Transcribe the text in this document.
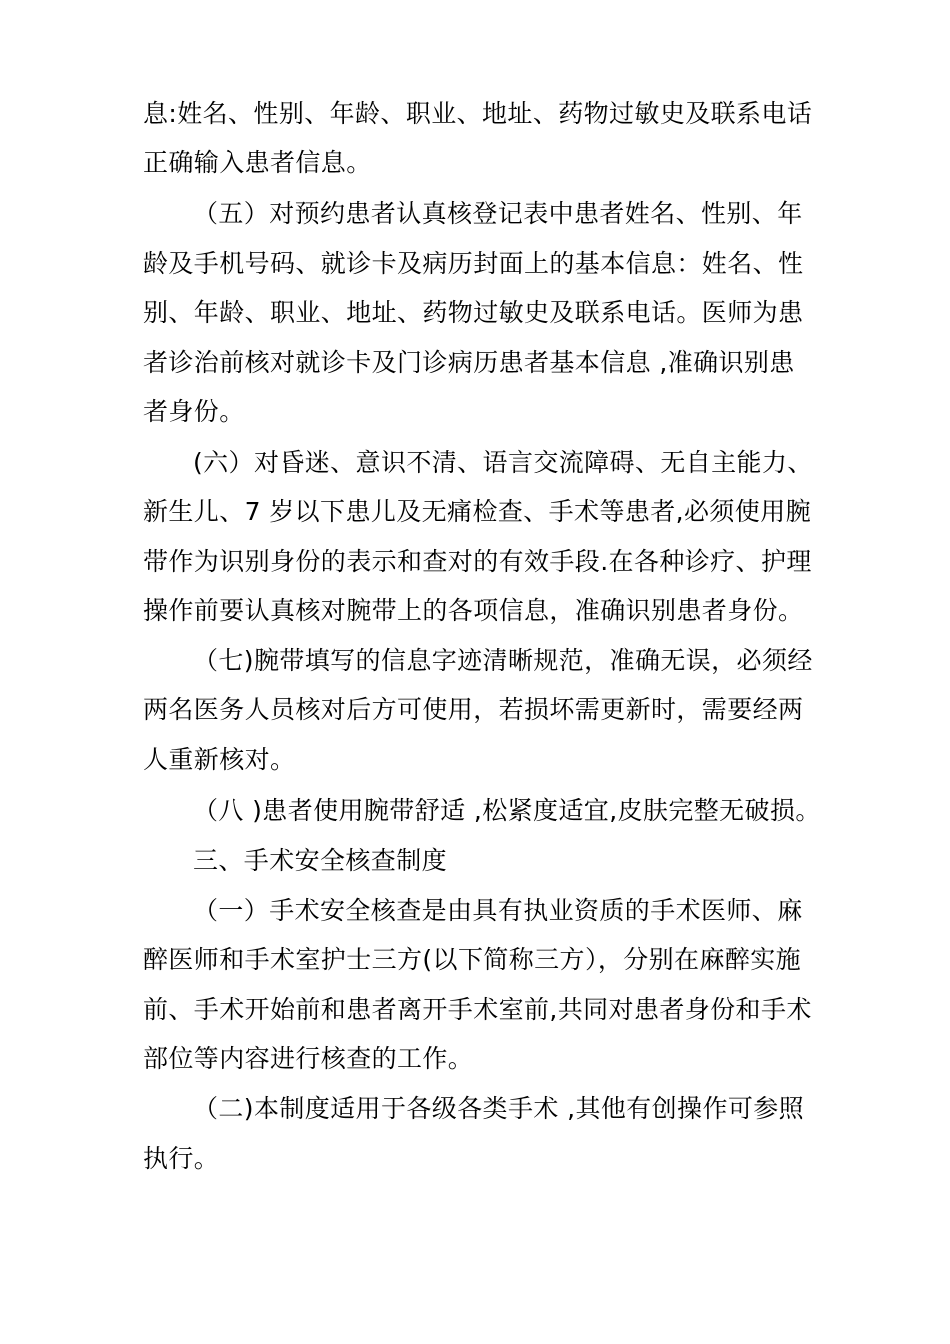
息:姓名、性别、年龄、职业、地址、药物过敏史及联系电话
正确输入患者信息。
（五）对预约患者认真核登记表中患者姓名、性别、年
龄及手机号码、就诊卡及病历封面上的基本信息：姓名、性
别、年龄、职业、地址、药物过敏史及联系电话。医师为患
者诊治前核对就诊卡及门诊病历患者基本信息 ,准确识别患
者身份。
(六）对昏迷、意识不清、语言交流障碍、无自主能力、
新生儿、7 岁以下患儿及无痛检查、手术等患者,必须使用腕
带作为识别身份的表示和查对的有效手段.在各种诊疗、护理
操作前要认真核对腕带上的各项信息，准确识别患者身份。
（七)腕带填写的信息字迹清晰规范，准确无误，必须经
两名医务人员核对后方可使用，若损坏需更新时，需要经两
人重新核对。
（八 )患者使用腕带舒适 ,松紧度适宜,皮肤完整无破损。
三、手术安全核查制度
（一）手术安全核查是由具有执业资质的手术医师、麻
醉医师和手术室护士三方(以下简称三方），分别在麻醉实施
前、手术开始前和患者离开手术室前,共同对患者身份和手术
部位等内容进行核查的工作。
（二)本制度适用于各级各类手术 ,其他有创操作可参照
执行。
